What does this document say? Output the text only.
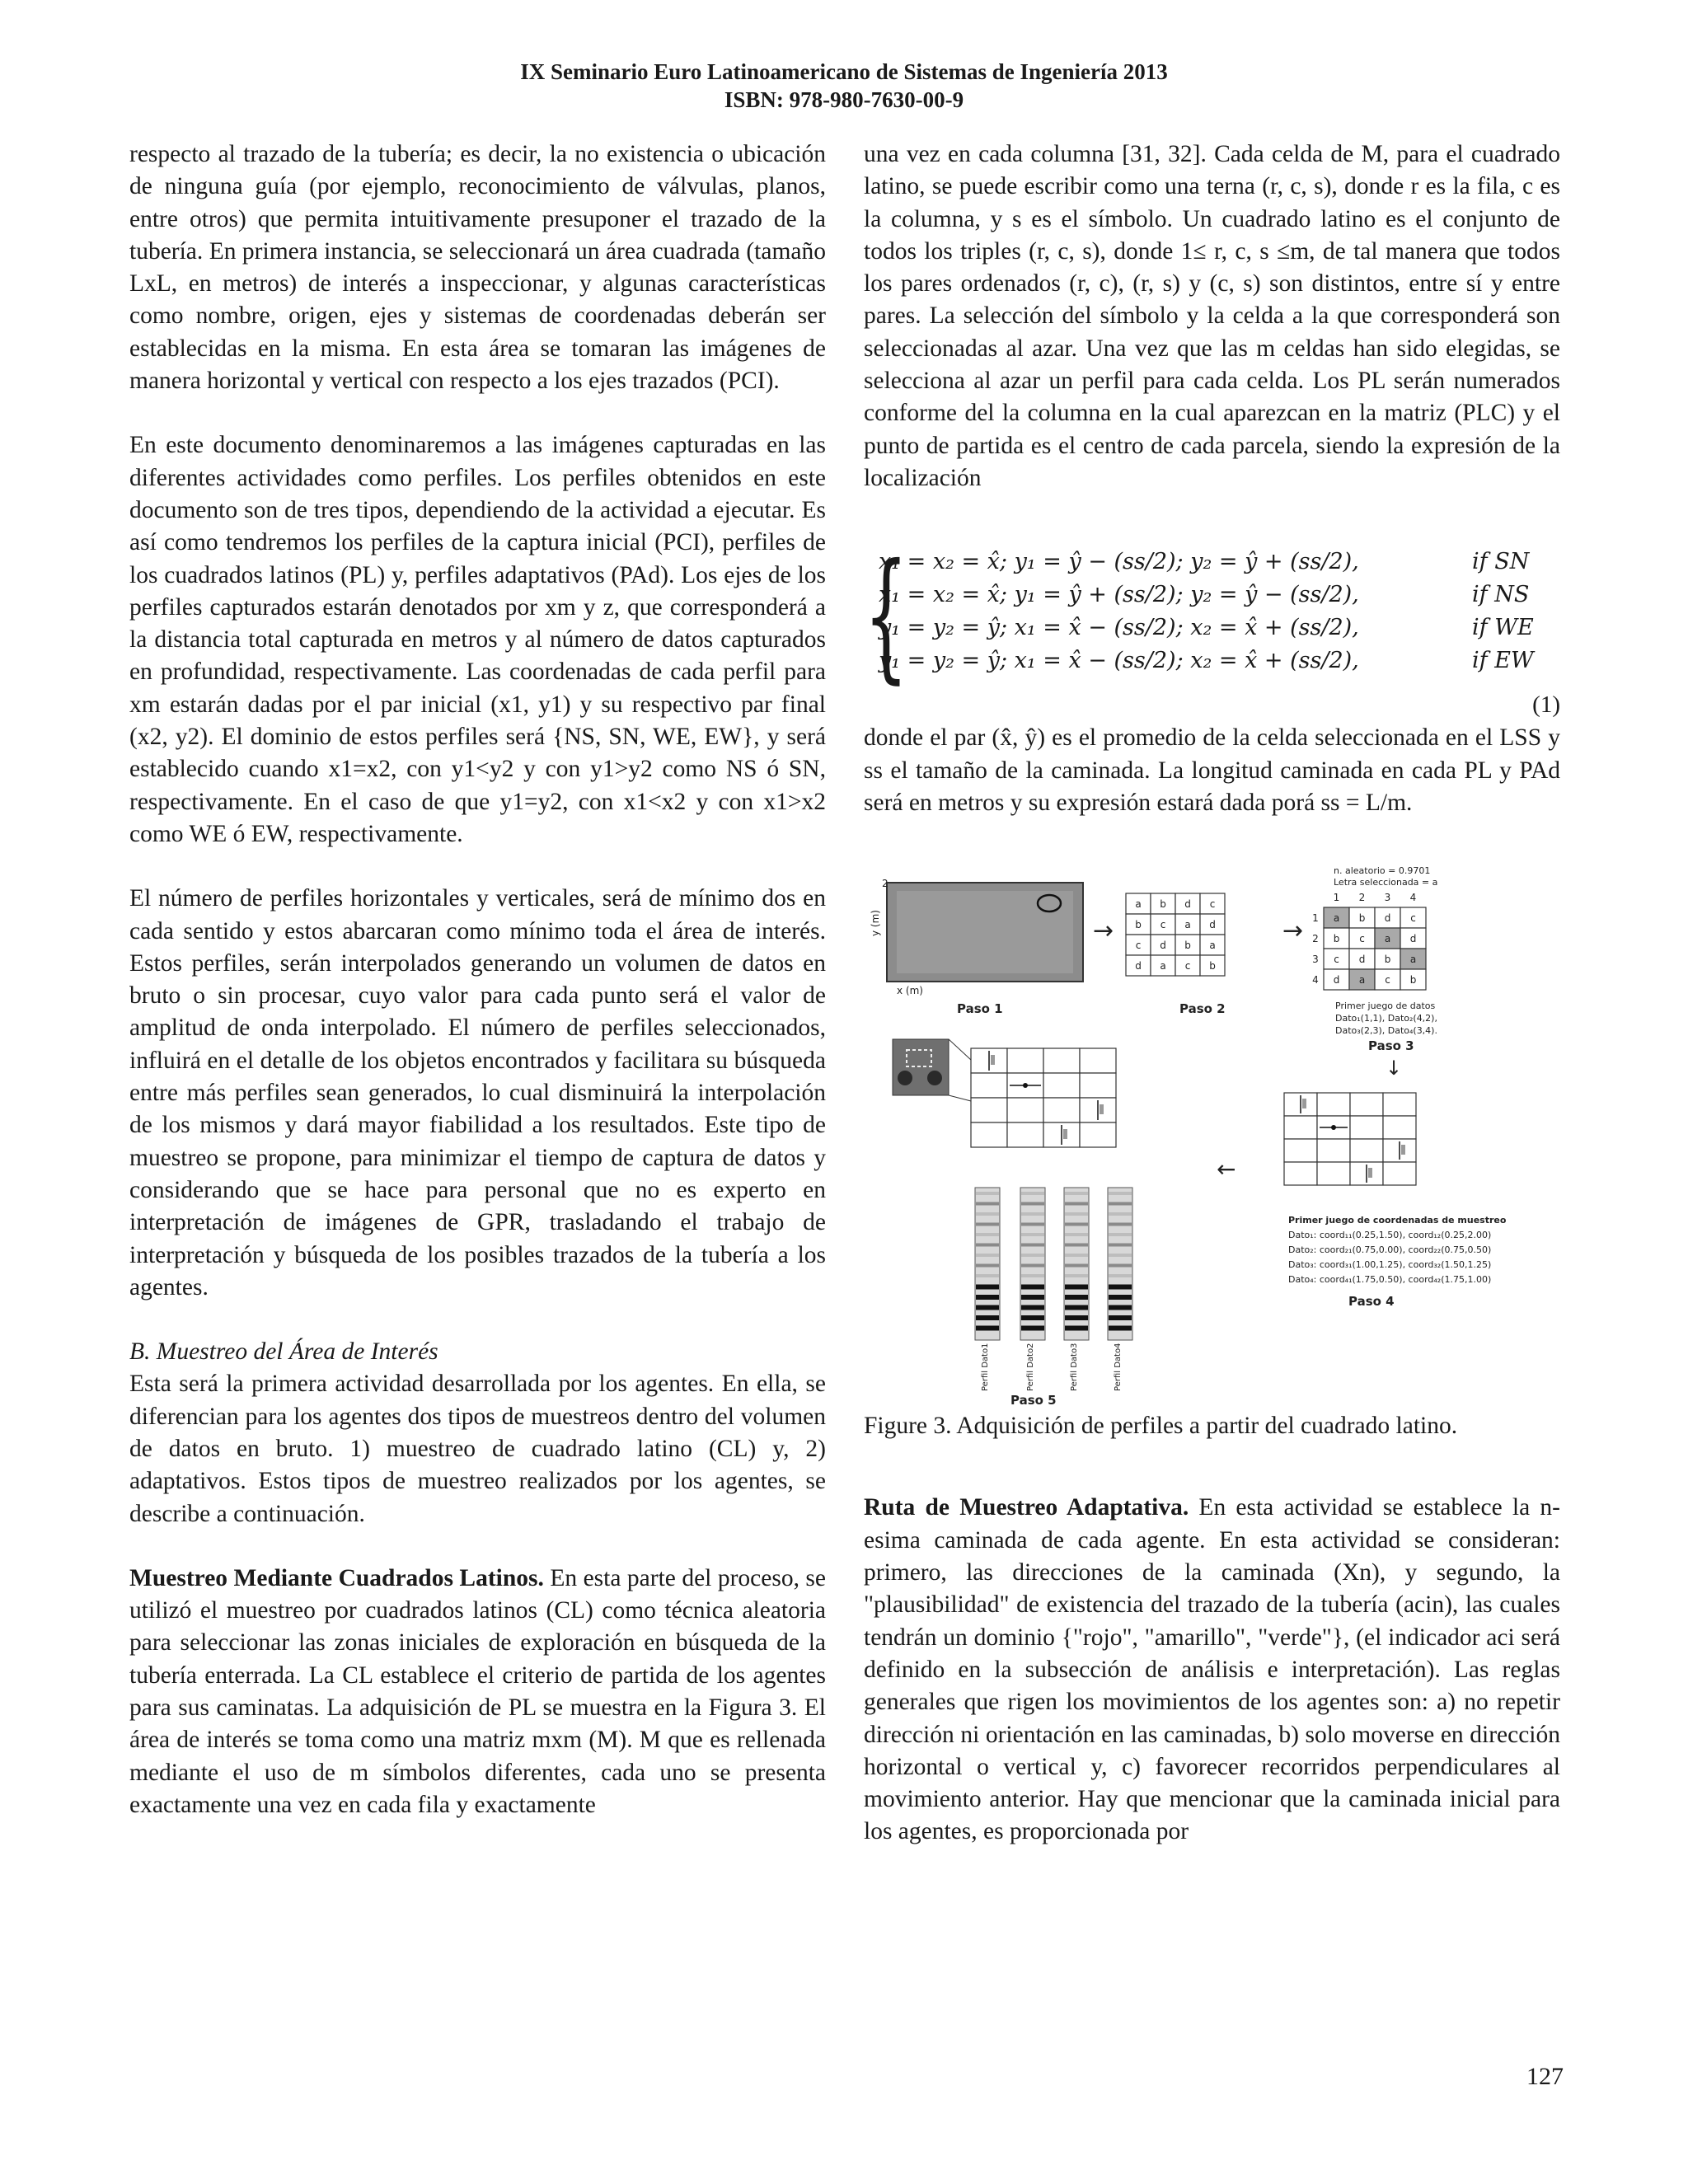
IX Seminario Euro Latinoamericano de Sistemas de Ingeniería 2013
ISBN: 978-980-7630-00-9

respecto al trazado de la tubería; es decir, la no existencia o ubicación de ninguna guía (por ejemplo, reconocimiento de válvulas, planos, entre otros) que permita intuitivamente presuponer el trazado de la tubería. En primera instancia, se seleccionará un área cuadrada (tamaño LxL, en metros) de interés a inspeccionar, y algunas características como nombre, origen, ejes y sistemas de coordenadas deberán ser establecidas en la misma. En esta área se tomaran las imágenes de manera horizontal y vertical con respecto a los ejes trazados (PCI).

En este documento denominaremos a las imágenes capturadas en las diferentes actividades como perfiles. Los perfiles obtenidos en este documento son de tres tipos, dependiendo de la actividad a ejecutar. Es así como tendremos los perfiles de la captura inicial (PCI), perfiles de los cuadrados latinos (PL) y, perfiles adaptativos (PAd). Los ejes de los perfiles capturados estarán denotados por xm y z, que corresponderá a la distancia total capturada en metros y al número de datos capturados en profundidad, respectivamente. Las coordenadas de cada perfil para xm estarán dadas por el par inicial (x1, y1) y su respectivo par final (x2, y2). El dominio de estos perfiles será {NS, SN, WE, EW}, y será establecido cuando x1=x2, con y1<y2 y con y1>y2 como NS ó SN, respectivamente. En el caso de que y1=y2, con x1<x2 y con x1>x2 como WE ó EW, respectivamente.

El número de perfiles horizontales y verticales, será de mínimo dos en cada sentido y estos abarcaran como mínimo toda el área de interés. Estos perfiles, serán interpolados generando un volumen de datos en bruto o sin procesar, cuyo valor para cada punto será el valor de amplitud de onda interpolado. El número de perfiles seleccionados, influirá en el detalle de los objetos encontrados y facilitara su búsqueda entre más perfiles sean generados, lo cual disminuirá la interpolación de los mismos y dará mayor fiabilidad a los resultados. Este tipo de muestreo se propone, para minimizar el tiempo de captura de datos y considerando que se hace para personal que no es experto en interpretación de imágenes de GPR, trasladando el trabajo de interpretación y búsqueda de los posibles trazados de la tubería a los agentes.

B. Muestreo del Área de Interés

Esta será la primera actividad desarrollada por los agentes. En ella, se diferencian para los agentes dos tipos de muestreos dentro del volumen de datos en bruto. 1) muestreo de cuadrado latino (CL) y, 2) adaptativos. Estos tipos de muestreo realizados por los agentes, se describe a continuación.

Muestreo Mediante Cuadrados Latinos. En esta parte del proceso, se utilizó el muestreo por cuadrados latinos (CL) como técnica aleatoria para seleccionar las zonas iniciales de exploración en búsqueda de la tubería enterrada. La CL establece el criterio de partida de los agentes para sus caminatas. La adquisición de PL se muestra en la Figura 3. El área de interés se toma como una matriz mxm (M). M que es rellenada mediante el uso de m símbolos diferentes, cada uno se presenta exactamente una vez en cada fila y exactamente

una vez en cada columna [31, 32]. Cada celda de M, para el cuadrado latino, se puede escribir como una terna (r, c, s), donde r es la fila, c es la columna, y s es el símbolo. Un cuadrado latino es el conjunto de todos los triples (r, c, s), donde 1≤ r, c, s ≤m, de tal manera que todos los pares ordenados (r, c), (r, s) y (c, s) son distintos, entre sí y entre pares. La selección del símbolo y la celda a la que corresponderá son seleccionadas al azar. Una vez que las m celdas han sido elegidas, se selecciona al azar un perfil para cada celda. Los PL serán numerados conforme del la columna en la cual aparezcan en la matriz (PLC) y el punto de partida es el centro de cada parcela, siendo la expresión de la localización

{
x₁ = x₂ = x̂; y₁ = ŷ − (ss/2); y₂ = ŷ + (ss/2),
x₁ = x₂ = x̂; y₁ = ŷ + (ss/2); y₂ = ŷ − (ss/2),
y₁ = y₂ = ŷ; x₁ = x̂ − (ss/2); x₂ = x̂ + (ss/2),
y₁ = y₂ = ŷ; x₁ = x̂ − (ss/2); x₂ = x̂ + (ss/2),
if SN
if NS
if WE
if EW
(1)

donde el par (x̂, ŷ) es el promedio de la celda seleccionada en el LSS y ss el tamaño de la caminada. La longitud caminada en cada PL y PAd será en metros y su expresión estará dada porá ss = L/m.

x (m)
y (m)
2
Paso 1
→
a b d c
b c a d
c d b a
d a c b
Paso 2
→
n. aleatorio = 0.9701
Letra seleccionada = a
1 2 3 4
1
2
3
4
a b d c
b c a d
c d b a
d a c b
Primer juego de datos
Dato₁(1,1), Dato₂(4,2),
Dato₃(2,3), Dato₄(3,4).
Paso 3
↓
←
Primer juego de coordenadas de muestreo
Dato₁: coord₁₁(0.25,1.50), coord₁₂(0.25,2.00)
Dato₂: coord₂₁(0.75,0.00), coord₂₂(0.75,0.50)
Dato₃: coord₃₁(1.00,1.25), coord₃₂(1.50,1.25)
Dato₄: coord₄₁(1.75,0.50), coord₄₂(1.75,1.00)
Paso 4
Perfil Dato1	Perfil Dato2	Perfil Dato3	Perfil Dato4
Paso 5

Figure 3. Adquisición de perfiles a partir del cuadrado latino.

Ruta de Muestreo Adaptativa. En esta actividad se establece la n-esima caminada de cada agente. En esta actividad se consideran: primero, las direcciones de la caminada (Xn), y segundo, la "plausibilidad" de existencia del trazado de la tubería (acin), las cuales tendrán un dominio {"rojo", "amarillo", "verde"}, (el indicador aci será definido en la subsección de análisis e interpretación). Las reglas generales que rigen los movimientos de los agentes son: a) no repetir dirección ni orientación en las caminadas, b) solo moverse en dirección horizontal o vertical y, c) favorecer recorridos perpendiculares al movimiento anterior. Hay que mencionar que la caminada inicial para los agentes, es proporcionada por

127
